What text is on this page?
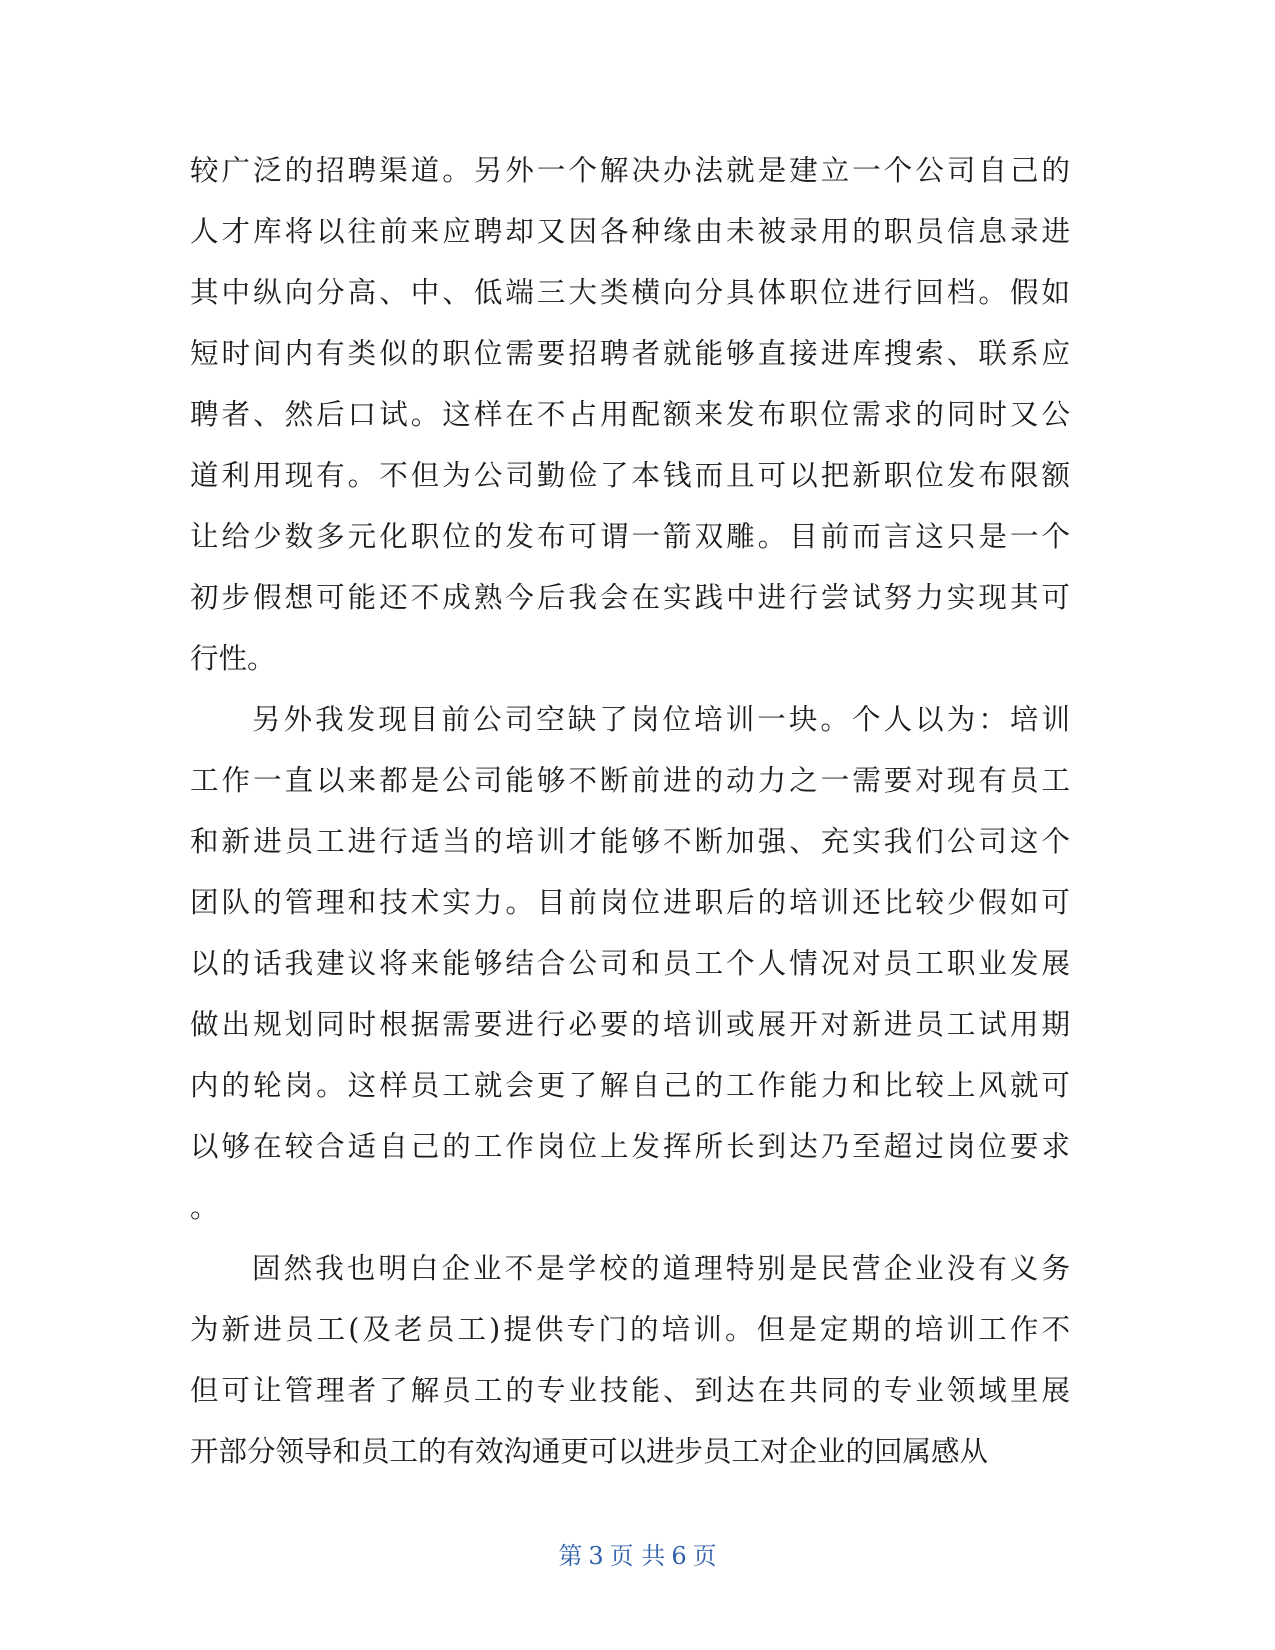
较广泛的招聘渠道。另外一个解决办法就是建立一个公司自己的
人才库将以往前来应聘却又因各种缘由未被录用的职员信息录进
其中纵向分高、中、低端三大类横向分具体职位进行回档。假如
短时间内有类似的职位需要招聘者就能够直接进库搜索、联系应
聘者、然后口试。这样在不占用配额来发布职位需求的同时又公
道利用现有。不但为公司勤俭了本钱而且可以把新职位发布限额
让给少数多元化职位的发布可谓一箭双雕。目前而言这只是一个
初步假想可能还不成熟今后我会在实践中进行尝试努力实现其可
行性。
另外我发现目前公司空缺了岗位培训一块。个人以为：培训
工作一直以来都是公司能够不断前进的动力之一需要对现有员工
和新进员工进行适当的培训才能够不断加强、充实我们公司这个
团队的管理和技术实力。目前岗位进职后的培训还比较少假如可
以的话我建议将来能够结合公司和员工个人情况对员工职业发展
做出规划同时根据需要进行必要的培训或展开对新进员工试用期
内的轮岗。这样员工就会更了解自己的工作能力和比较上风就可
以够在较合适自己的工作岗位上发挥所长到达乃至超过岗位要求
。
固然我也明白企业不是学校的道理特别是民营企业没有义务
为新进员工(及老员工)提供专门的培训。但是定期的培训工作不
但可让管理者了解员工的专业技能、到达在共同的专业领域里展
开部分领导和员工的有效沟通更可以进步员工对企业的回属感从
第 3 页 共 6 页
